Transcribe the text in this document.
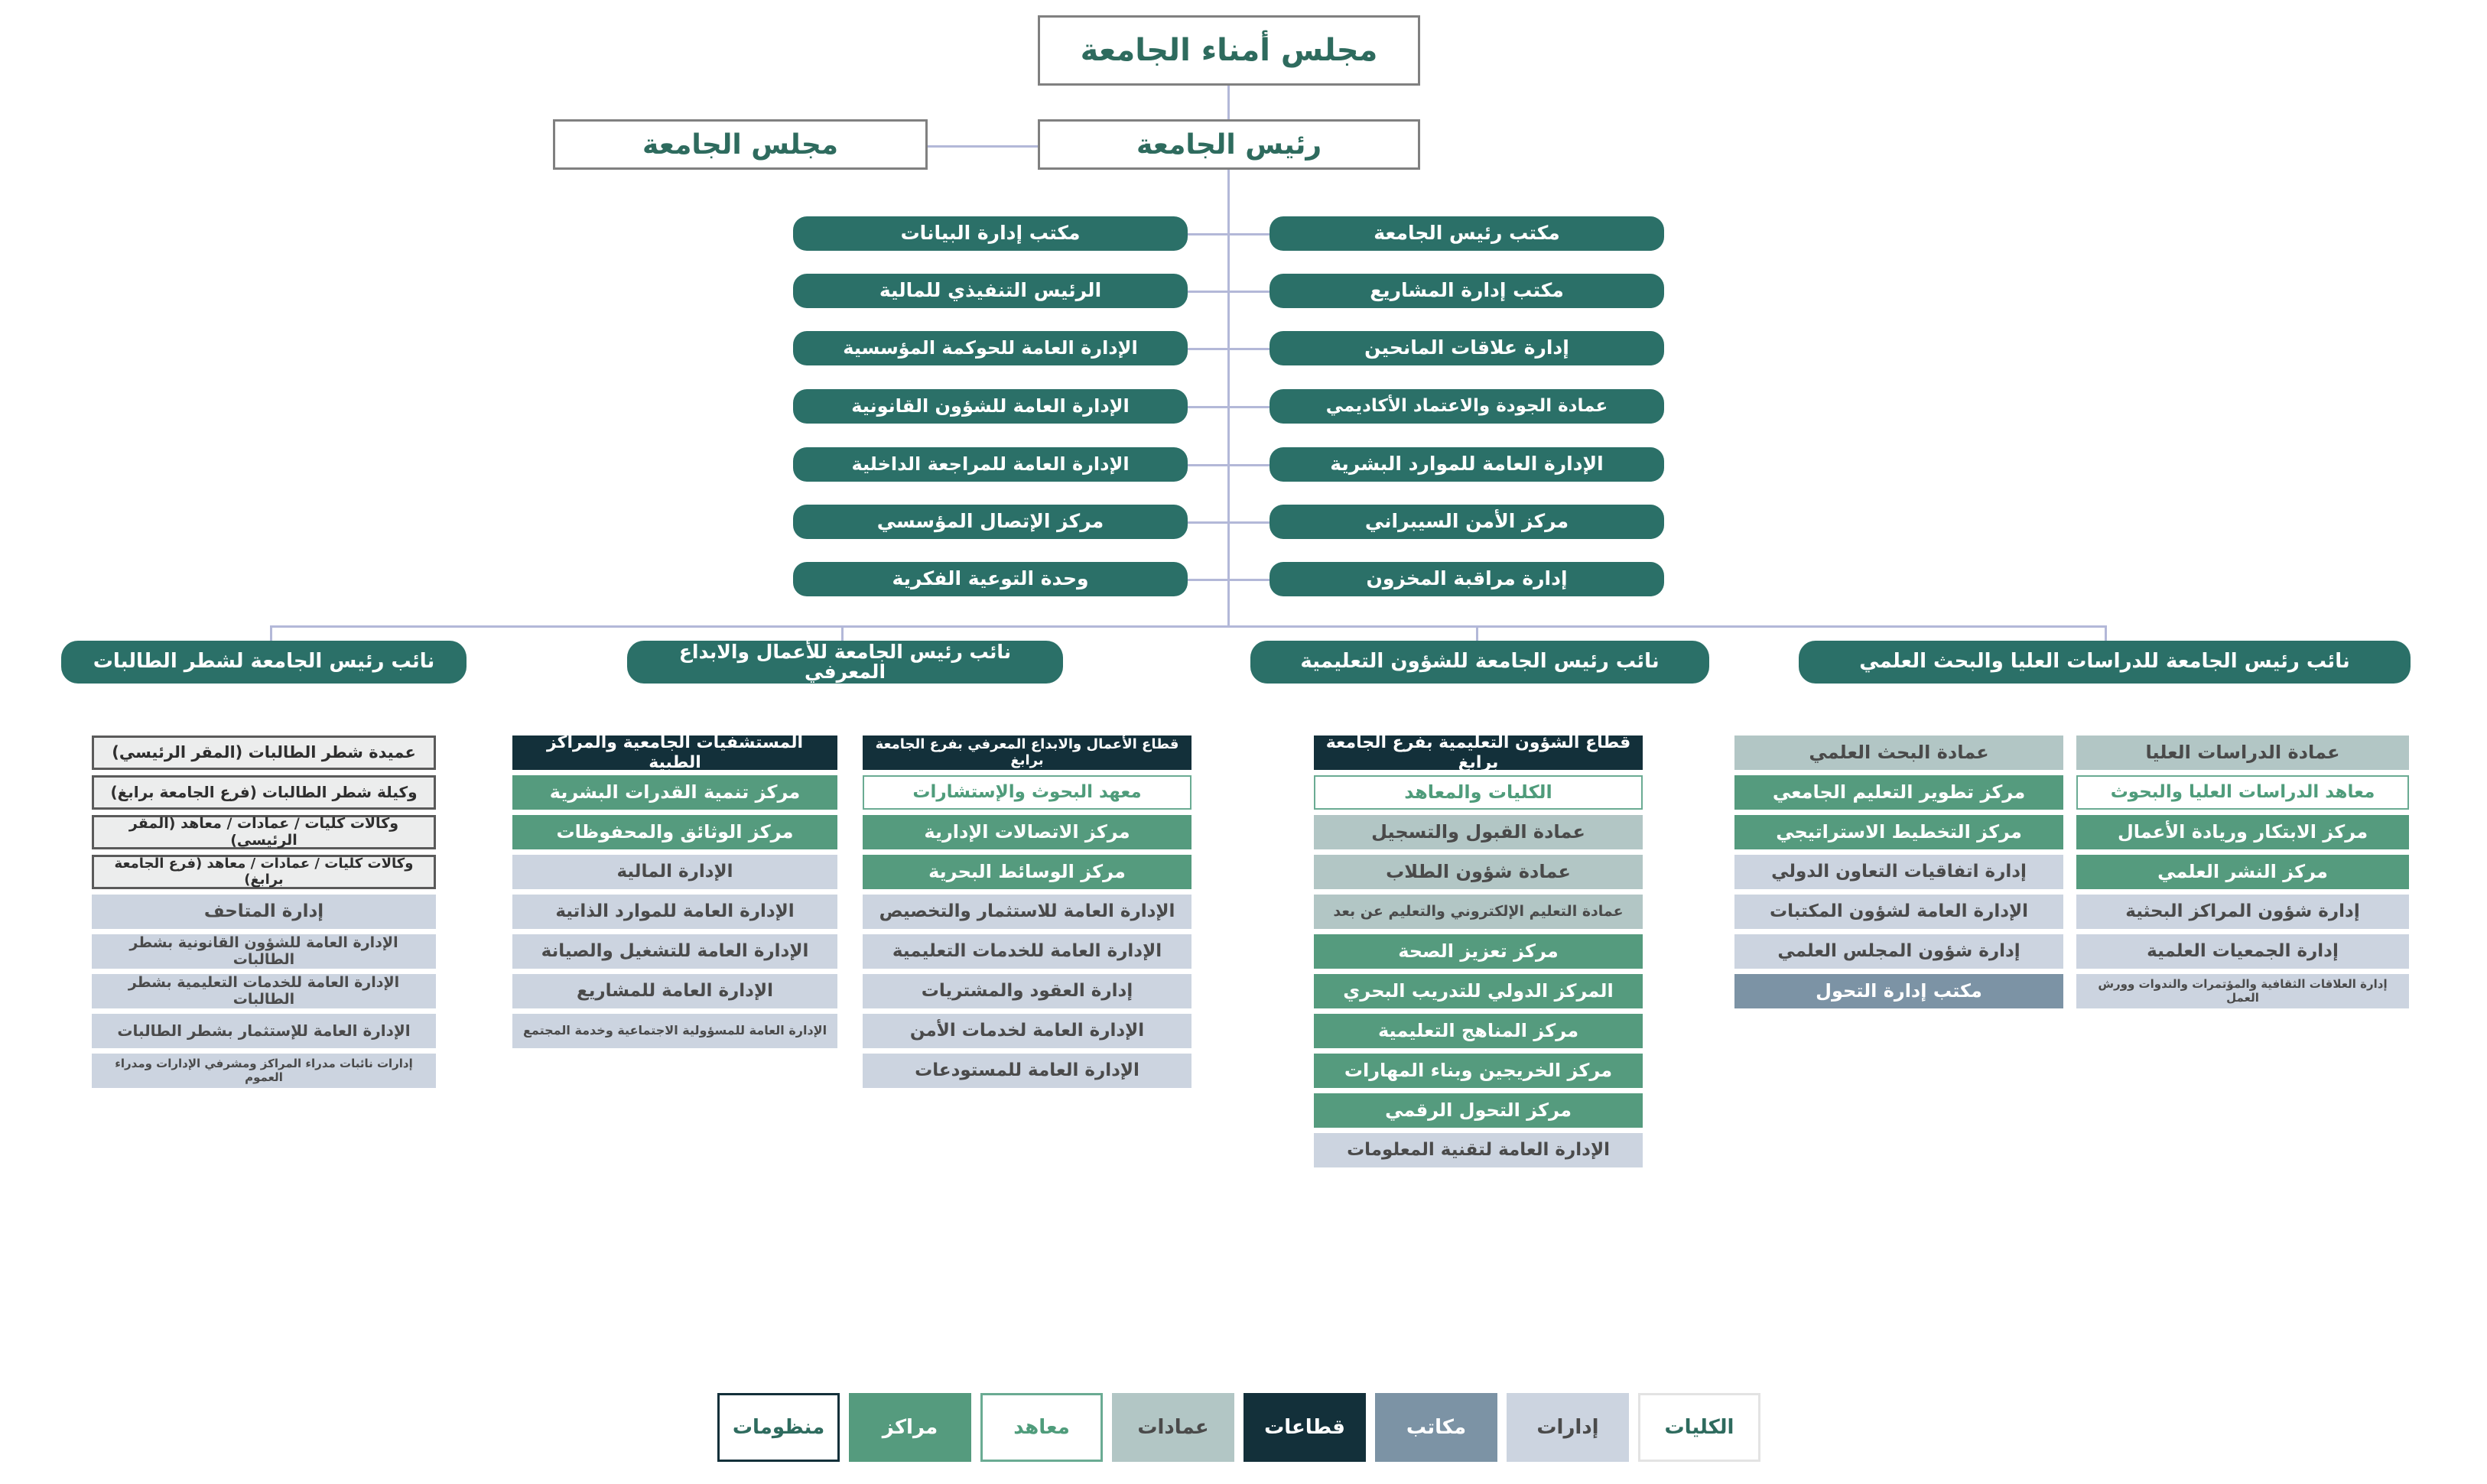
مجلس أمناء الجامعة
رئيس الجامعة
مجلس الجامعة
مكتب رئيس الجامعة
مكتب إدارة المشاريع
إدارة علاقات المانحين
عمادة الجودة والاعتماد الأكاديمي
الإدارة العامة للموارد البشرية
مركز الأمن السيبراني
إدارة مراقبة المخزون
مكتب إدارة البيانات
الرئيس التنفيذي للمالية
الإدارة العامة للحوكمة المؤسسية
الإدارة العامة للشؤون القانونية
الإدارة العامة للمراجعة الداخلية
مركز الإتصال المؤسسي
وحدة التوعية الفكرية
نائب رئيس الجامعة للدراسات العليا والبحث العلمي
نائب رئيس الجامعة للشؤون التعليمية
نائب رئيس الجامعة للأعمال والابداع المعرفي
نائب رئيس الجامعة لشطر الطالبات
عمادة الدراسات العليا
معاهد الدراسات العليا والبحوث
مركز الابتكار وريادة الأعمال
مركز النشر العلمي
إدارة شؤون المراكز البحثية
إدارة الجمعيات العلمية
إدارة العلاقات الثقافية والمؤتمرات والندوات وورش العمل
عمادة البحث العلمي
مركز تطوير التعليم الجامعي
مركز التخطيط الاستراتيجي
إدارة اتفاقيات التعاون الدولي
الإدارة العامة لشؤون المكتبات
إدارة شؤون المجلس العلمي
مكتب إدارة التحول
قطاع الشؤون التعليمية بفرع الجامعة برابغ
الكليات والمعاهد
عمادة القبول والتسجيل
عمادة شؤون الطلاب
عمادة التعليم الإلكتروني والتعليم عن بعد
مركز تعزيز الصحة
المركز الدولي للتدريب البحري
مركز المناهج التعليمية
مركز الخريجين وبناء المهارات
مركز التحول الرقمي
الإدارة العامة لتقنية المعلومات
قطاع الأعمال والابداع المعرفي بفرع الجامعة برابغ
معهد البحوث والإستشارات
مركز الاتصالات الإدارية
مركز الوسائط البحرية
الإدارة العامة للاستثمار والتخصيص
الإدارة العامة للخدمات التعليمية
إدارة العقود والمشتريات
الإدارة العامة لخدمات الأمن
الإدارة العامة للمستودعات
المستشفيات الجامعية والمراكز الطبية
مركز تنمية القدرات البشرية
مركز الوثائق والمحفوظات
الإدارة المالية
الإدارة العامة للموارد الذاتية
الإدارة العامة للتشغيل والصيانة
الإدارة العامة للمشاريع
الإدارة العامة للمسؤولية الاجتماعية وخدمة المجتمع
عميدة شطر الطالبات (المقر الرئيسي)
وكيلة شطر الطالبات (فرع الجامعة برابغ)
وكالات كليات / عمادات / معاهد (المقر الرئيسي)
وكالات كليات / عمادات / معاهد (فرع الجامعة برابغ)
إدارة المتاحف
الإدارة العامة للشؤون القانونية بشطر الطالبات
الإدارة العامة للخدمات التعليمية بشطر الطالبات
الإدارة العامة للإستثمار بشطر الطالبات
إدارات نائبات مدراء المراكز ومشرفي الإدارات ومدراء العموم
منظومات	مراكز	معاهد	عمادات	قطاعات	مكاتب	إدارات	الكليات
